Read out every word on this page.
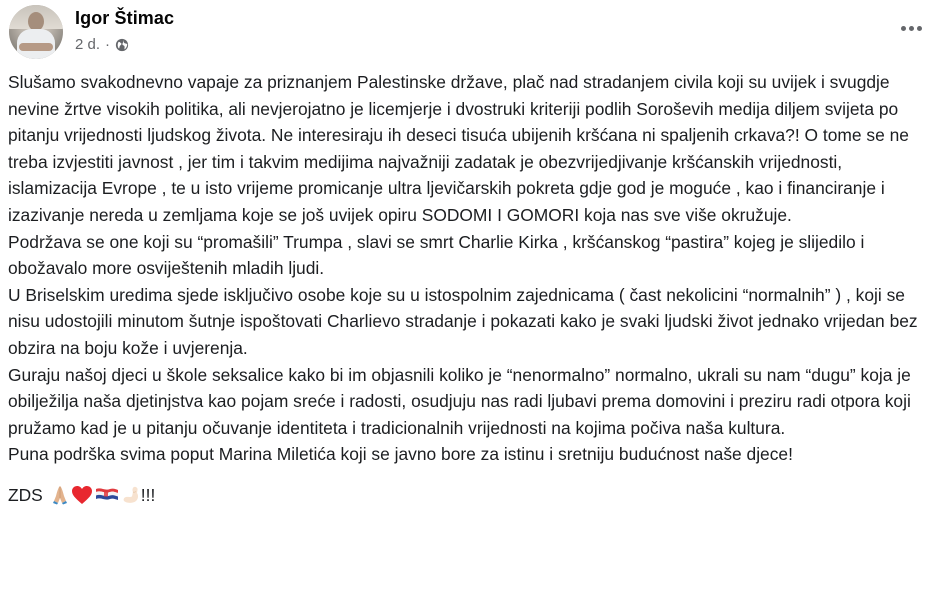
Igor Štimac
2 d. ·

Slušamo svakodnevno vapaje za priznanjem Palestinske države, plač nad stradanjem civila koji su uvijek i svugdje nevine žrtve visokih politika, ali nevjerojatno je licemjerje i dvostruki kriteriji podlih Soroševih medija diljem svijeta po pitanju vrijednosti ljudskog života. Ne interesiraju ih deseci tisuća ubijenih kršćana ni spaljenih crkava?! O tome se ne treba izvjestiti javnost , jer tim i takvim medijima najvažniji zadatak je obezvrijedjivanje kršćanskih vrijednosti, islamizacija Evrope , te u isto vrijeme promicanje ultra ljevičarskih pokreta gdje god je moguće , kao i financiranje i izazivanje nereda u zemljama koje se još uvijek opiru SODOMI I GOMORI koja nas sve više okružuje.

Podržava se one koji su “promašili” Trumpa , slavi se smrt Charlie Kirka , kršćanskog “pastira” kojeg je slijedilo i obožavalo more osviještenih mladih ljudi.

U Briselskim uredima sjede isključivo osobe koje su u istospolnim zajednicama ( čast nekolicini “normalnih” ) , koji se nisu udostojili minutom šutnje ispoštovati Charlievo stradanje i pokazati kako je svaki ljudski život jednako vrijedan bez obzira na boju kože i uvjerenja.

Guraju našoj djeci u škole seksalice kako bi im objasnili koliko je “nenormalno” normalno, ukrali su nam “dugu” koja je obilježilja naša djetinjstva kao pojam sreće i radosti, osudjuju nas radi ljubavi prema domovini i preziru radi otpora koji pružamo kad je u pitanju očuvanje identiteta i tradicionalnih vrijednosti na kojima počiva naša kultura.

Puna podrška svima poput Marina Miletića koji se javno bore za istinu i sretniju budućnost naše djece!

ZDS	!!!
